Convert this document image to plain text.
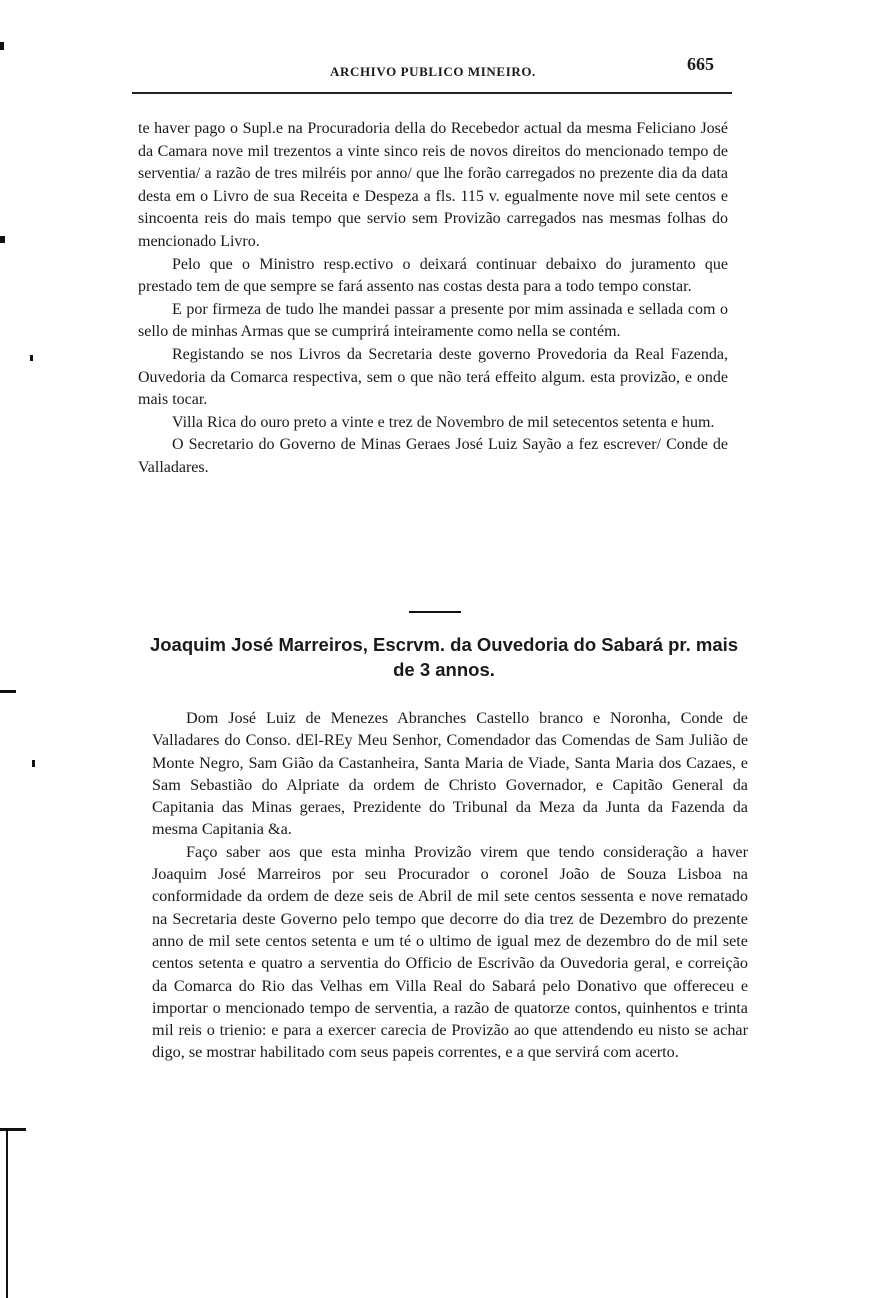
ARCHIVO PUBLICO MINEIRO.	665

te haver pago o Supl.e na Procuradoria della do Recebedor actual da mesma Feliciano José da Camara nove mil trezentos a vinte sinco reis de novos direitos do mencionado tempo de serventia/ a razão de tres milréis por anno/ que lhe forão carregados no prezente dia da data desta em o Livro de sua Receita e Despeza a fls. 115 v. egualmente nove mil sete centos e sincoenta reis do mais tempo que servio sem Provizão carregados nas mesmas folhas do mencionado Livro.

Pelo que o Ministro resp.ectivo o deixará continuar debaixo do juramento que prestado tem de que sempre se fará assento nas costas desta para a todo tempo constar.

E por firmeza de tudo lhe mandei passar a presente por mim assinada e sellada com o sello de minhas Armas que se cumprirá inteiramente como nella se contém.

Registando se nos Livros da Secretaria deste governo Provedoria da Real Fazenda, Ouvedoria da Comarca respectiva, sem o que não terá effeito algum. esta provizão, e onde mais tocar.

Villa Rica do ouro preto a vinte e trez de Novembro de mil setecentos setenta e hum.

O Secretario do Governo de Minas Geraes José Luiz Sayão a fez escrever/ Conde de Valladares.

Joaquim José Marreiros, Escrvm. da Ouvedoria do Sabará pr. mais de 3 annos.

Dom José Luiz de Menezes Abranches Castello branco e Noronha, Conde de Valladares do Conso. dEl-REy Meu Senhor, Comendador das Comendas de Sam Julião de Monte Negro, Sam Gião da Castanheira, Santa Maria de Viade, Santa Maria dos Cazaes, e Sam Sebastião do Alpriate da ordem de Christo Governador, e Capitão General da Capitania das Minas geraes, Prezidente do Tribunal da Meza da Junta da Fazenda da mesma Capitania &a.

Faço saber aos que esta minha Provizão virem que tendo consideração a haver Joaquim José Marreiros por seu Procurador o coronel João de Souza Lisboa na conformidade da ordem de deze seis de Abril de mil sete centos sessenta e nove rematado na Secretaria deste Governo pelo tempo que decorre do dia trez de Dezembro do prezente anno de mil sete centos setenta e um té o ultimo de igual mez de dezembro do de mil sete centos setenta e quatro a serventia do Officio de Escrivão da Ouvedoria geral, e correição da Comarca do Rio das Velhas em Villa Real do Sabará pelo Donativo que offereceu e importar o mencionado tempo de serventia, a razão de quatorze contos, quinhentos e trinta mil reis o trienio: e para a exercer carecia de Provizão ao que attendendo eu nisto se achar digo, se mostrar habilitado com seus papeis correntes, e a que servirá com acerto.
